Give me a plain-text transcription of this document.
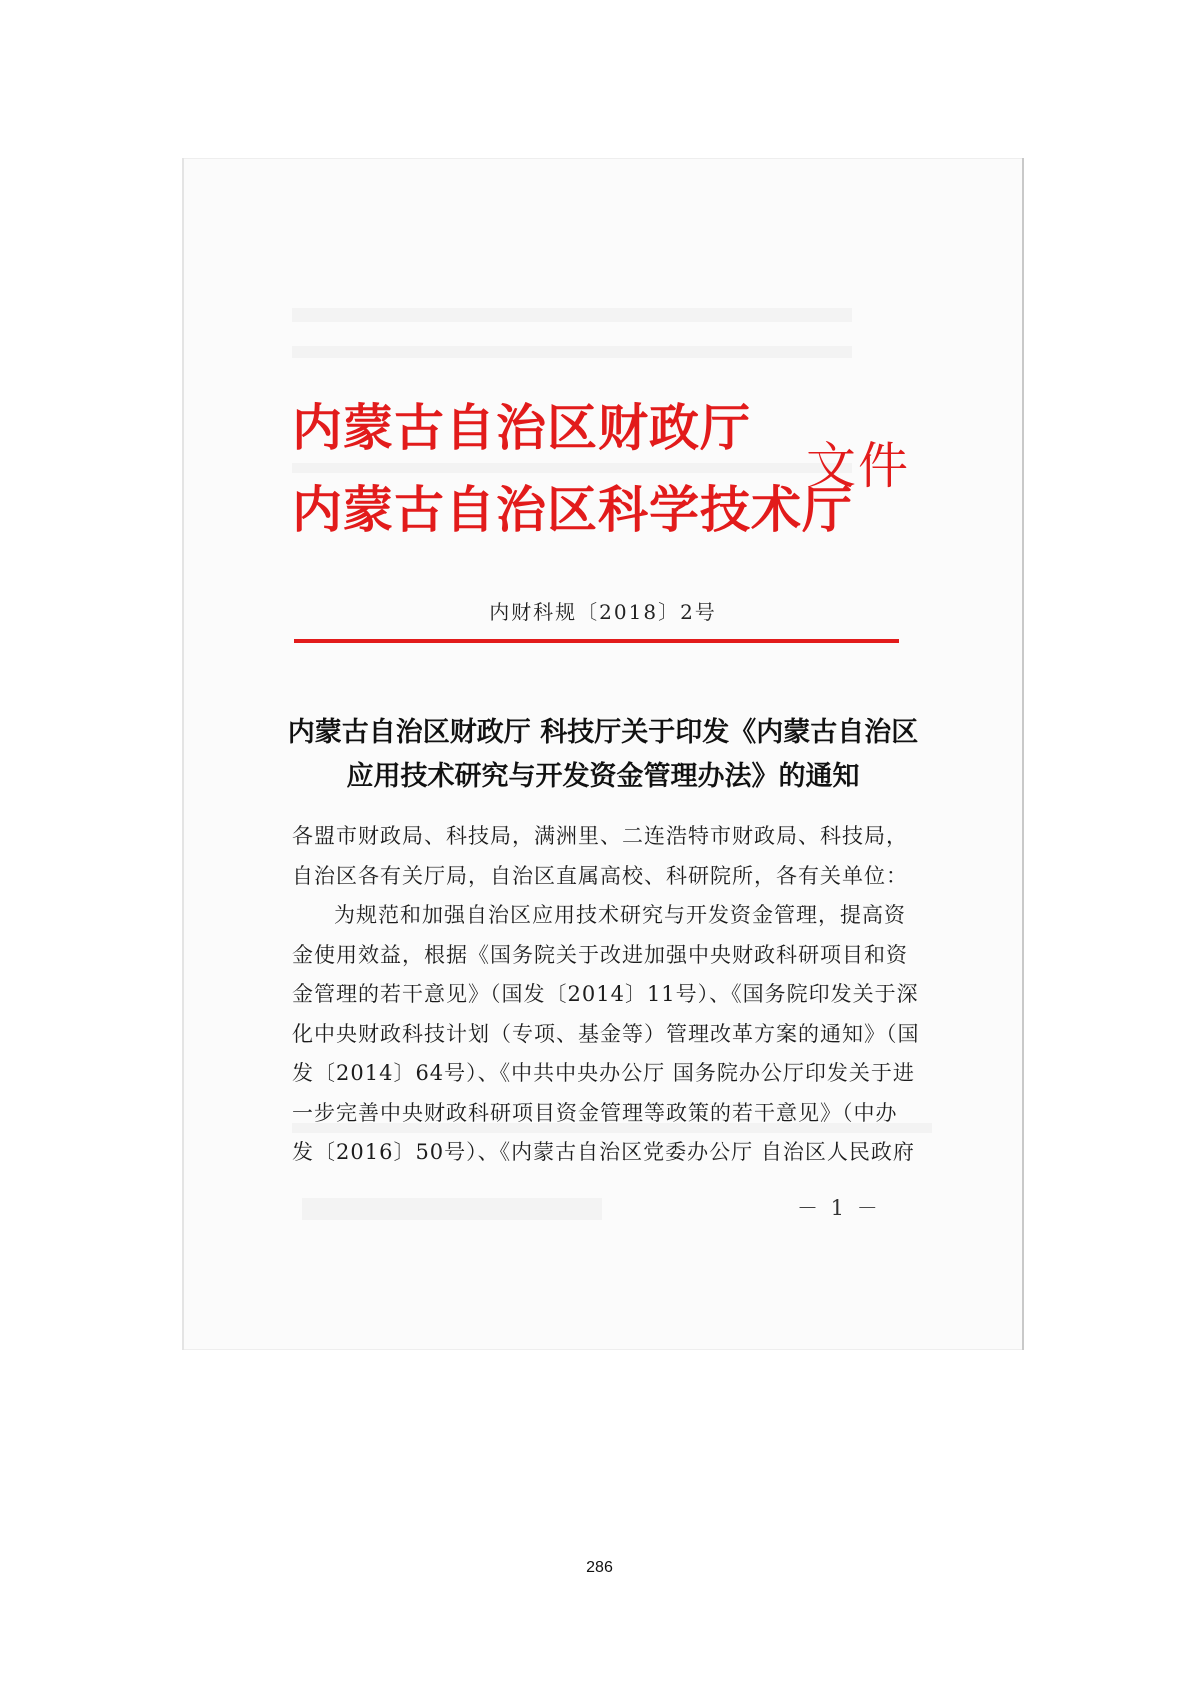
内蒙古自治区财政厅
内蒙古自治区科学技术厅
文件
内财科规〔2018〕2号
内蒙古自治区财政厅 科技厅关于印发《内蒙古自治区
应用技术研究与开发资金管理办法》的通知
各盟市财政局、科技局，满洲里、二连浩特市财政局、科技局，
自治区各有关厅局，自治区直属高校、科研院所，各有关单位：
为规范和加强自治区应用技术研究与开发资金管理，提高资
金使用效益，根据《国务院关于改进加强中央财政科研项目和资
金管理的若干意见》（国发〔2014〕11号）、《国务院印发关于深
化中央财政科技计划（专项、基金等）管理改革方案的通知》（国
发〔2014〕64号）、《中共中央办公厅 国务院办公厅印发关于进
一步完善中央财政科研项目资金管理等政策的若干意见》（中办
发〔2016〕50号）、《内蒙古自治区党委办公厅 自治区人民政府
－ 1 －
286
